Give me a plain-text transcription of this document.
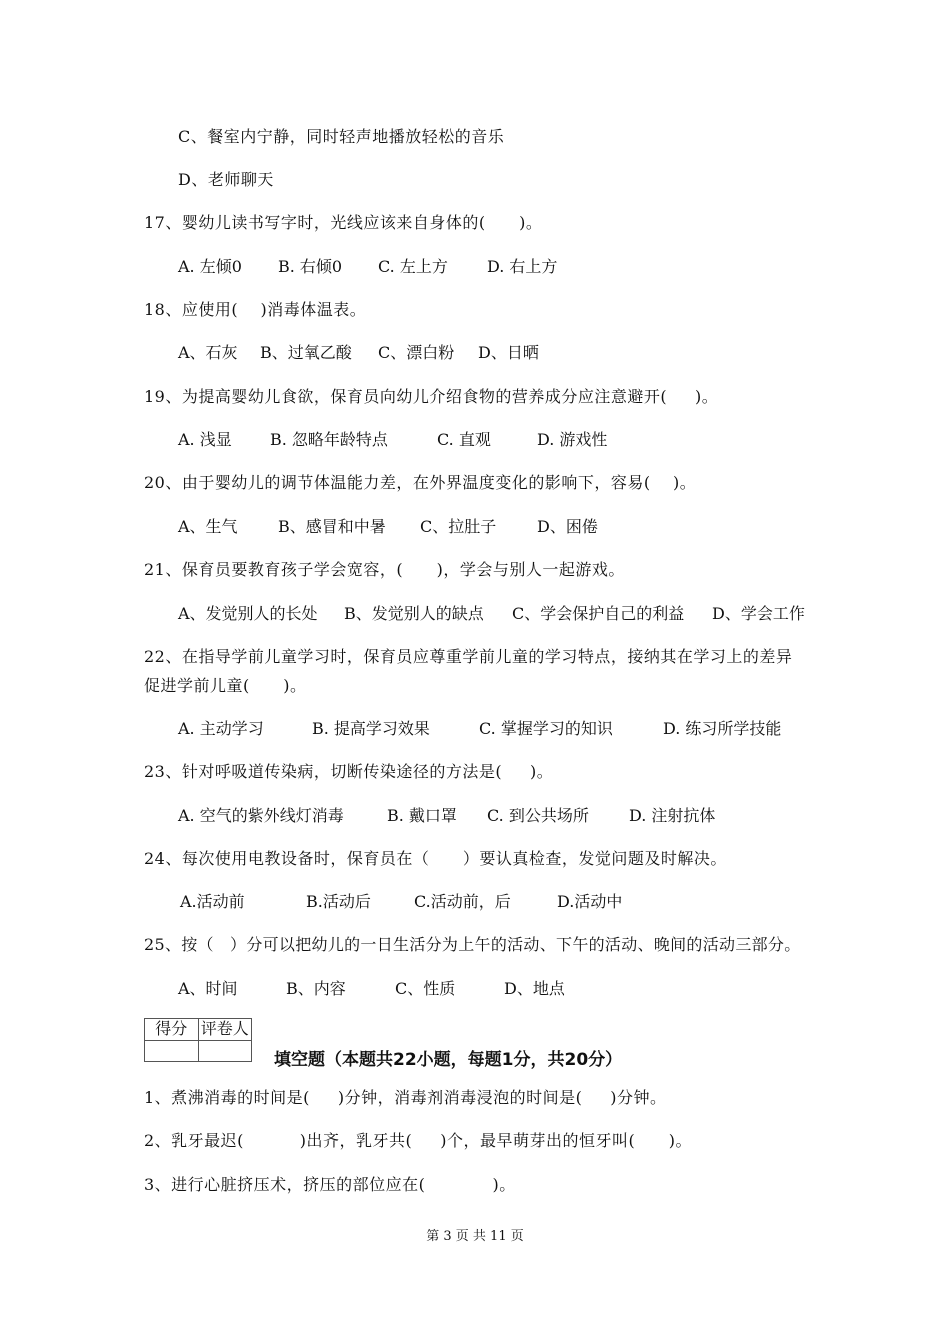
C、餐室内宁静，同时轻声地播放轻松的音乐
D、老师聊天
17、婴幼儿读书写字时，光线应该来自身体的(      )。
A. 左倾0 B. 右倾0 C. 左上方 D. 右上方
18、应使用(    )消毒体温表。
A、石灰 B、过氧乙酸 C、漂白粉 D、日晒
19、为提高婴幼儿食欲，保育员向幼儿介绍食物的营养成分应注意避开(     )。
A. 浅显 B. 忽略年龄特点	C. 直观	D. 游戏性
20、由于婴幼儿的调节体温能力差，在外界温度变化的影响下，容易(    )。
A、生气	B、感冒和中暑 C、拉肚子	D、困倦
21、保育员要教育孩子学会宽容，(      )，学会与别人一起游戏。
A、发觉别人的长处 B、发觉别人的缺点 C、学会保护自己的利益 D、学会工作
22、在指导学前儿童学习时，保育员应尊重学前儿童的学习特点，接纳其在学习上的差异
促进学前儿童(      )。
A. 主动学习	B. 提高学习效果	C. 掌握学习的知识	D. 练习所学技能
23、针对呼吸道传染病，切断传染途径的方法是(     )。
A. 空气的紫外线灯消毒	B. 戴口罩 C. 到公共场所	D. 注射抗体
24、每次使用电教设备时，保育员在（      ）要认真检查，发觉问题及时解决。
A.活动前	B.活动后	C.活动前，后	D.活动中
25、按（   ）分可以把幼儿的一日生活分为上午的活动、下午的活动、晚间的活动三部分。
A、时间	B、内容	C、性质	D、地点
得分	评卷人

填空题（本题共22小题，每题1分，共20分）
1、煮沸消毒的时间是(     )分钟，消毒剂消毒浸泡的时间是(     )分钟。
2、乳牙最迟(          )出齐，乳牙共(     )个，最早萌芽出的恒牙叫(      )。
3、进行心脏挤压术，挤压的部位应在(            )。
第 3 页 共 11 页
